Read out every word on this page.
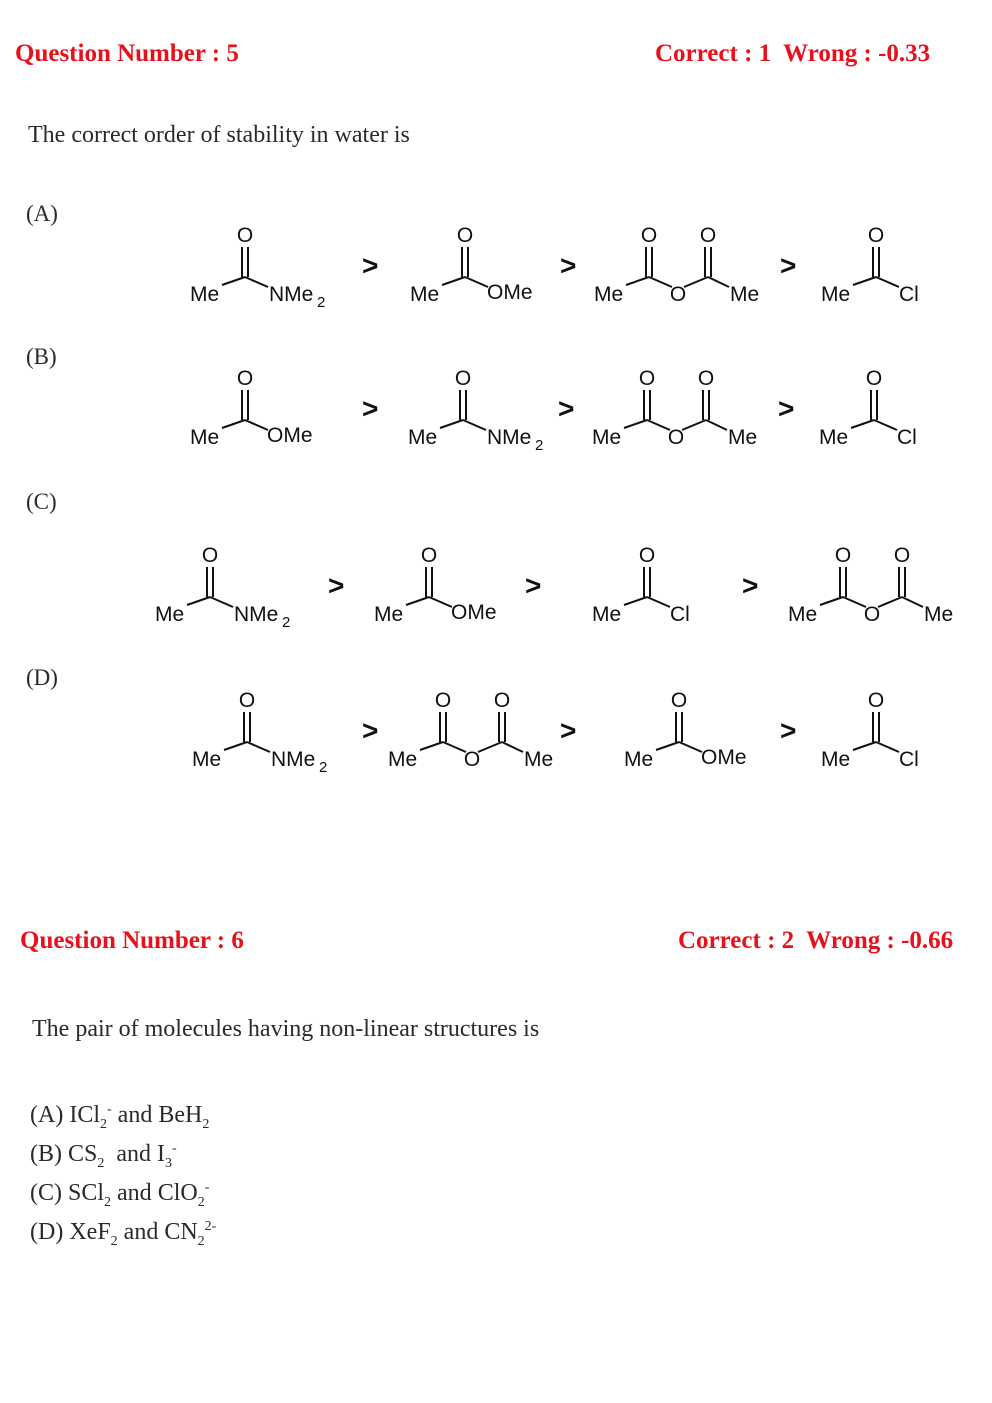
Question Number : 5	Correct : 1  Wrong : -0.33
The correct order of stability in water is
(A)
(B)
(C)
(D)
Me
O
NMe 2	Me
O
OMe	Me
O
O
O
Me	Me
O
Cl
>	>	>
Me
O
OMe	Me
O
NMe 2 Me
O
O
O
Me	Me
O
Cl
>	>	>
Me
O
NMe 2	Me
O
OMe	Me
O
Cl	Me
O
O
O
Me
>	>	>
Me
O
NMe 2	Me
O
O
O
Me	Me
O
OMe	Me
O
Cl
>	>	>
Question Number : 6	Correct : 2  Wrong : -0.66
The pair of molecules having non-linear structures is
(A) ICl$_2$- and BeH$_2$
(B) $CS_2$  and $I_3^-$
(C) SCl$_2$ and ClO$_2$-
(D) XeF$_2$ and $CN_2^{2-}$
